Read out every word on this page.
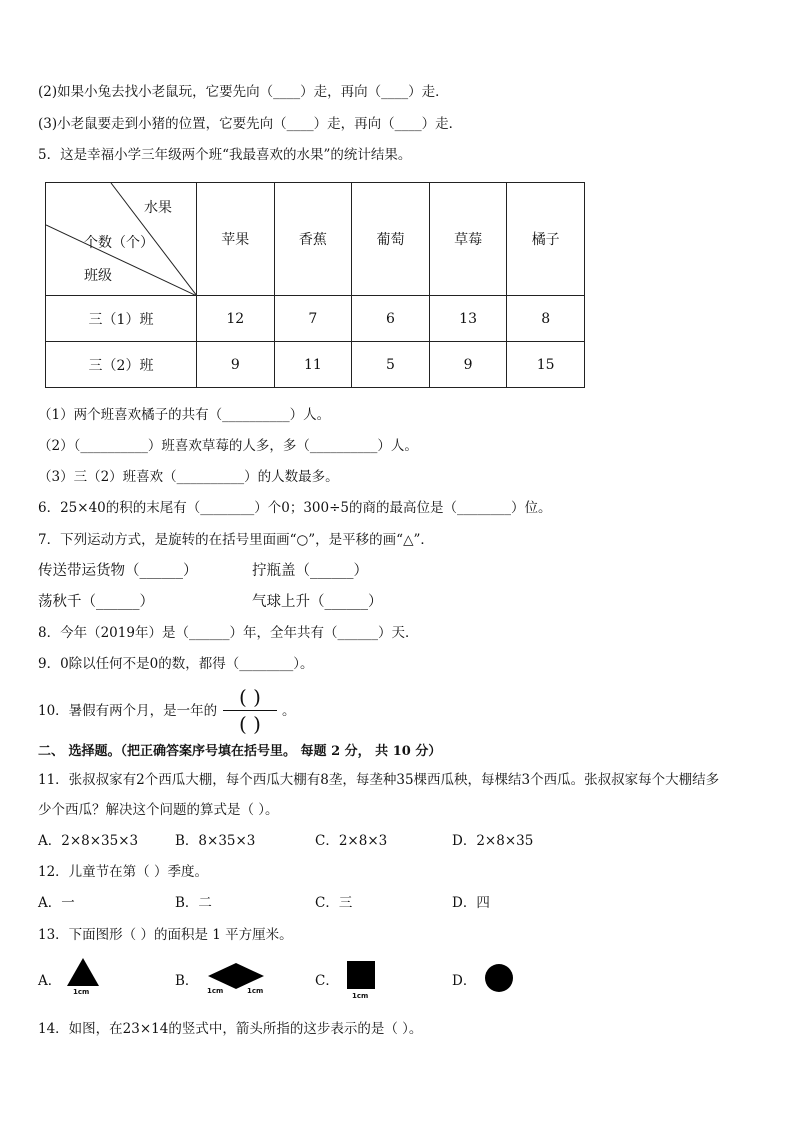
(2)如果小兔去找小老鼠玩，它要先向（____）走，再向（____）走．
(3)小老鼠要走到小猪的位置，它要先向（____）走，再向（____）走．
5．这是幸福小学三年级两个班“我最喜欢的水果”的统计结果。
水果
个数（个）
班级	苹果	香蕉	葡萄	草莓	橘子
三（1）班	12	7	6	13	8
三（2）班	9	11	5	9	15
（1）两个班喜欢橘子的共有（__________）人。
（2）（__________）班喜欢草莓的人多，多（__________）人。
（3）三（2）班喜欢（__________）的人数最多。
6．25×40的积的末尾有（________）个0；300÷5的商的最高位是（________）位。
7．下列运动方式，是旋转的在括号里面画“○”，是平移的画“△”．
传送带运货物（______）	拧瓶盖（______）
荡秋千（______）	气球上升（______）
8．今年（2019年）是（______）年，全年共有（______）天．
9．0除以任何不是0的数，都得（________）。
10．暑假有两个月，是一年的
( )
( )
。
二、 选择题。（把正确答案序号填在括号里。 每题 2 分， 共 10 分）
11．张叔叔家有2个西瓜大棚，每个西瓜大棚有8垄，每垄种35棵西瓜秧，每棵结3个西瓜。张叔叔家每个大棚结多
少个西瓜？解决这个问题的算式是（ ）。
A．2×8×35×3	B．8×35×3	C．2×8×3	D．2×8×35
12．儿童节在第（ ）季度。
A．一	B．二	C．三	D．四
13．下面图形（ ）的面积是 1 平方厘米。
A．
1cm
B．
1cm	1cm
C．
1cm
D．
14．如图，在23×14的竖式中，箭头所指的这步表示的是（ ）。
